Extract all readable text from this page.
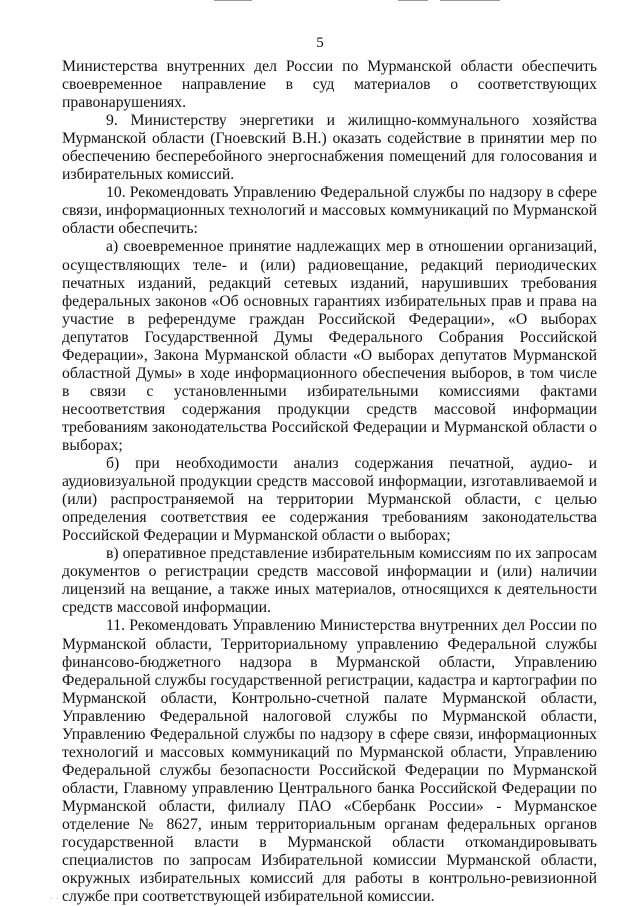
5

Министерства внутренних дел России по Мурманской области обеспечить своевременное направление в суд материалов о соответствующих правонарушениях.

9. Министерству энергетики и жилищно-коммунального хозяйства Мурманской области (Гноевский В.Н.) оказать содействие в принятии мер по обеспечению бесперебойного энергоснабжения помещений для голосования и избирательных комиссий.

10. Рекомендовать Управлению Федеральной службы по надзору в сфере связи, информационных технологий и массовых коммуникаций по Мурманской области обеспечить:

а) своевременное принятие надлежащих мер в отношении организаций, осуществляющих теле- и (или) радиовещание, редакций периодических печатных изданий, редакций сетевых изданий, нарушивших требования федеральных законов «Об основных гарантиях избирательных прав и права на участие в референдуме граждан Российской Федерации», «О выборах депутатов Государственной Думы Федерального Собрания Российской Федерации», Закона Мурманской области «О выборах депутатов Мурманской областной Думы» в ходе информационного обеспечения выборов, в том числе в связи с установленными избирательными комиссиями фактами несоответствия содержания продукции средств массовой информации требованиям законодательства Российской Федерации и Мурманской области о выборах;

б) при необходимости анализ содержания печатной, аудио- и аудиовизуальной продукции средств массовой информации, изготавливаемой и (или) распространяемой на территории Мурманской области, с целью определения соответствия ее содержания требованиям законодательства Российской Федерации и Мурманской области о выборах;

в) оперативное представление избирательным комиссиям по их запросам документов о регистрации средств массовой информации и (или) наличии лицензий на вещание, а также иных материалов, относящихся к деятельности средств массовой информации.

11. Рекомендовать Управлению Министерства внутренних дел России по Мурманской области, Территориальному управлению Федеральной службы финансово-бюджетного надзора в Мурманской области, Управлению Федеральной службы государственной регистрации, кадастра и картографии по Мурманской области, Контрольно-счетной палате Мурманской области, Управлению Федеральной налоговой службы по Мурманской области, Управлению Федеральной службы по надзору в сфере связи, информационных технологий и массовых коммуникаций по Мурманской области, Управлению Федеральной службы безопасности Российской Федерации по Мурманской области, Главному управлению Центрального банка Российской Федерации по Мурманской области, филиалу ПАО «Сбербанк России» - Мурманское отделение № 8627, иным территориальным органам федеральных органов государственной власти в Мурманской области откомандировывать специалистов по запросам Избирательной комиссии Мурманской области, окружных избирательных комиссий для работы в контрольно-ревизионной службе при соответствующей избирательной комиссии.

. . .
